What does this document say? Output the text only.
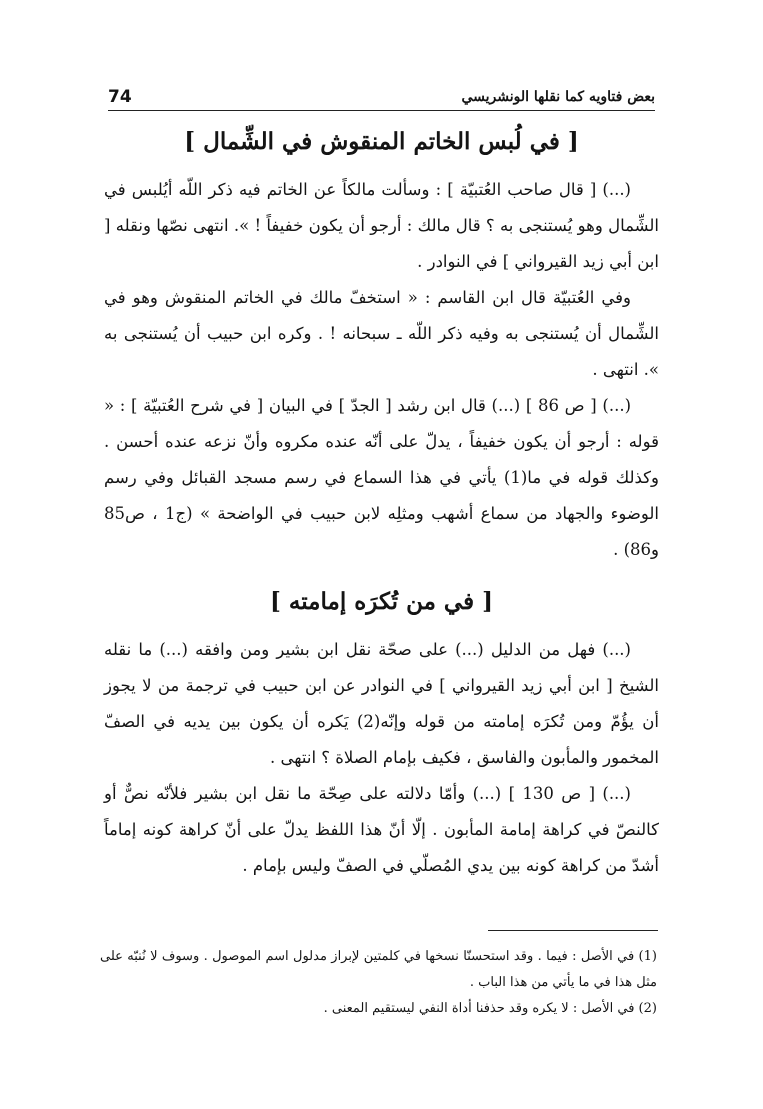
بعض فتاويه كما نقلها الونشريسي
74
[ في لُبس الخاتم المنقوش في الشِّمال ]

(...) [ قال صاحب العُتبيّة ] : وسألت مالكاً عن الخاتم فيه ذكر اللّه أيُلبس في الشِّمال وهو يُستنجى به ؟ قال مالك : أرجو أن يكون خفيفاً ! ». انتهى نصّها ونقله [ ابن أبي زيد القيرواني ] في النوادر .

وفي العُتبيّة قال ابن القاسم : « استخفّ مالك في الخاتم المنقوش وهو في الشِّمال أن يُستنجى به وفيه ذكر اللّه ـ سبحانه ! . وكره ابن حبيب أن يُستنجى به ». انتهى .

(...) [ ص 86 ] (...) قال ابن رشد [ الجدّ ] في البيان [ في شرح العُتبيّة ] : « قوله : أرجو أن يكون خفيفاً ، يدلّ على أنّه عنده مكروه وأنّ نزعه عنده أحسن . وكذلك قوله في ما(1) يأتي في هذا السماع في رسم مسجد القبائل وفي رسم الوضوء والجهاد من سماع أشهب ومثلِه لابن حبيب في الواضحة » (ج1 ، ص85 و86) .

[ في من تُكرَه إمامته ]

(...) فهل من الدليل (...) على صحّة نقل ابن بشير ومن وافقه (...) ما نقله الشيخ [ ابن أبي زيد القيرواني ] في النوادر عن ابن حبيب في ترجمة من لا يجوز أن يؤُمّ ومن تُكرَه إمامته من قوله وإنّه(2) يَكره أن يكون بين يديه في الصفّ المخمور والمأبون والفاسق ، فكيف بإمام الصلاة ؟ انتهى .

(...) [ ص 130 ] (...) وأمّا دلالته على صِحّة ما نقل ابن بشير فلأنّه نصٌّ أو كالنصّ في كراهة إمامة المأبون . إلّا أنّ هذا اللفظ يدلّ على أنّ كراهة كونه إماماً أشدّ من كراهة كونه بين يدي المُصلّي في الصفّ وليس بإمام .

(1) في الأصل : فيما . وقد استحسنّا نسخها في كلمتين لإبراز مدلول اسم الموصول . وسوف لا نُنبّه على مثل هذا في ما يأتي من هذا الباب .

(2) في الأصل : لا يكره وقد حذفنا أداة النفي ليستقيم المعنى .
